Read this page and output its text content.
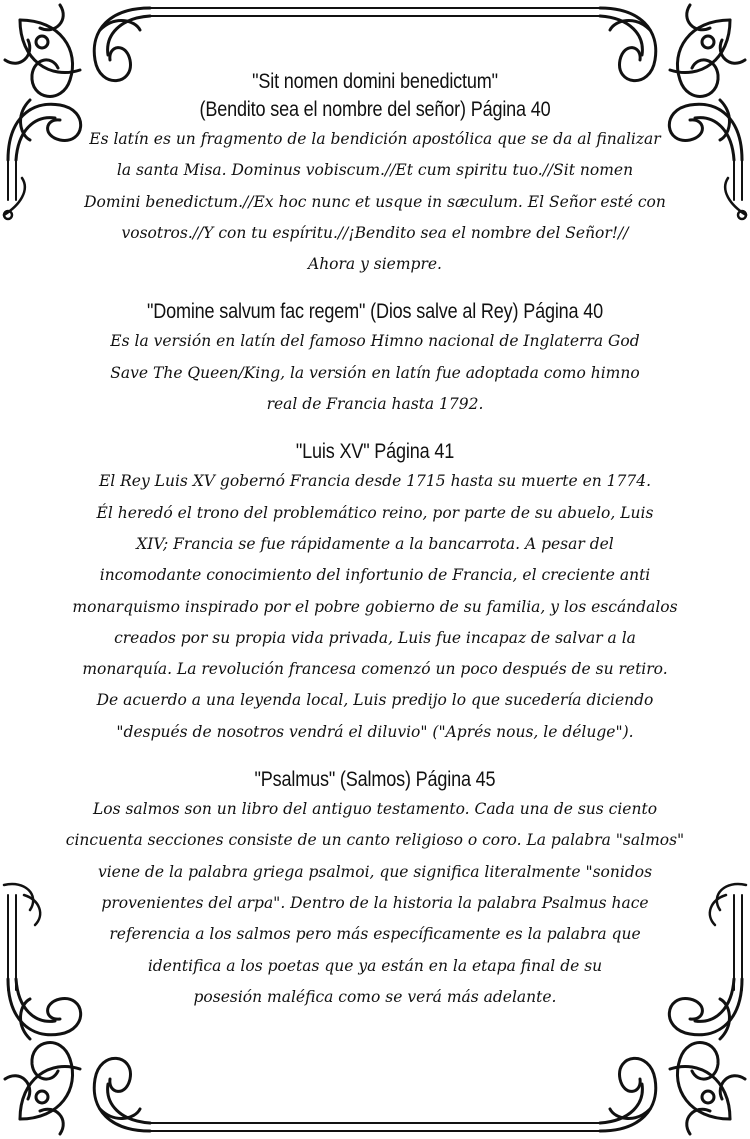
"Sit nomen domini benedictum"
(Bendito sea el nombre del señor) Página 40

Es latín es un fragmento de la bendición apostólica que se da al finalizar
la santa Misa. Dominus vobiscum.//Et cum spiritu tuo.//Sit nomen
Domini benedictum.//Ex hoc nunc et usque in sæculum. El Señor esté con
vosotros.//Y con tu espíritu.//¡Bendito sea el nombre del Señor!//
Ahora y siempre.

"Domine salvum fac regem" (Dios salve al Rey) Página 40

Es la versión en latín del famoso Himno nacional de Inglaterra God
Save The Queen/King, la versión en latín fue adoptada como himno
real de Francia hasta 1792.

"Luis XV" Página 41

El Rey Luis XV gobernó Francia desde 1715 hasta su muerte en 1774.
Él heredó el trono del problemático reino, por parte de su abuelo, Luis
XIV; Francia se fue rápidamente a la bancarrota. A pesar del
incomodante conocimiento del infortunio de Francia, el creciente anti
monarquismo inspirado por el pobre gobierno de su familia, y los escándalos
creados por su propia vida privada, Luis fue incapaz de salvar a la
monarquía. La revolución francesa comenzó un poco después de su retiro.
De acuerdo a una leyenda local, Luis predijo lo que sucedería diciendo
"después de nosotros vendrá el diluvio" ("Aprés nous, le déluge").

"Psalmus" (Salmos) Página 45

Los salmos son un libro del antiguo testamento. Cada una de sus ciento
cincuenta secciones consiste de un canto religioso o coro. La palabra "salmos"
viene de la palabra griega psalmoi, que significa literalmente "sonidos
provenientes del arpa". Dentro de la historia la palabra Psalmus hace
referencia a los salmos pero más específicamente es la palabra que
identifica a los poetas que ya están en la etapa final de su
posesión maléfica como se verá más adelante.
